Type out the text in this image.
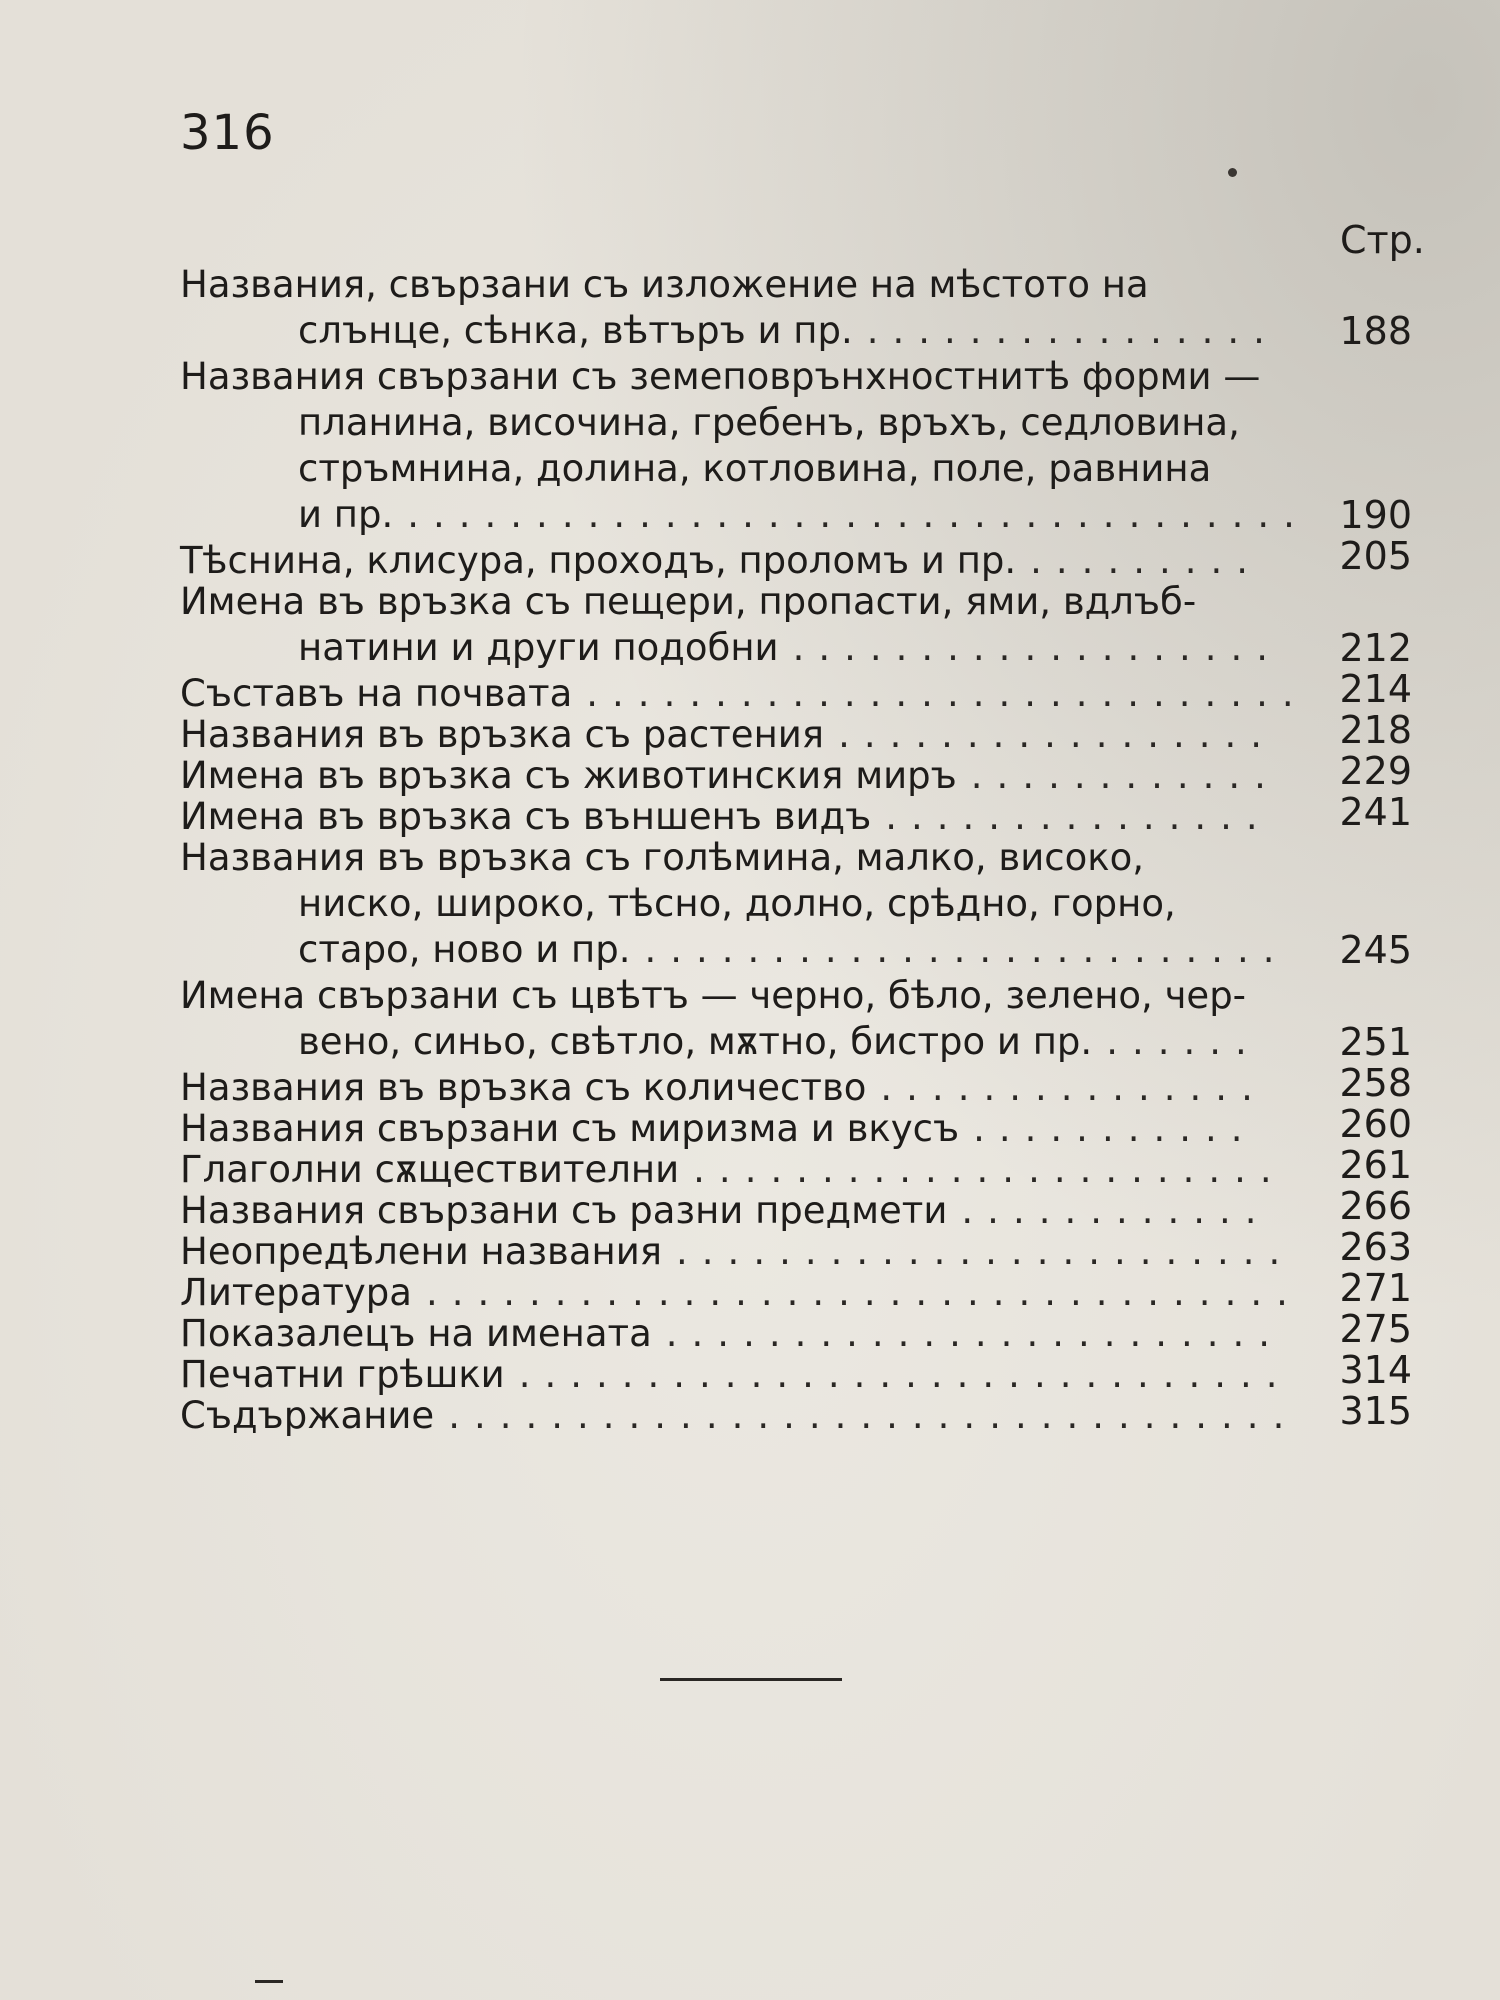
316
Стр.
Названия, свързани съ изложение на мѣстото на
слънце, сѣнка, вѣтъръ и пр. ................	188
Названия свързани съ земеповрънхностнитѣ форми —
планина, височина, гребенъ, връхъ, седловина,
стръмнина, долина, котловина, поле, равнина
и пр. ................................... 190
Тѣснина, клисура, проходъ, проломъ и пр. .........	205
Имена въ връзка съ пещери, пропасти, ями, вдлъб-
натини и други подобни ...................	212
Съставъ на почвата ............................ 214
Названия въ връзка съ растения .................	218
Имена въ връзка съ животинския миръ ............	229
Имена въ връзка съ външенъ видъ ...............	241
Названия въ връзка съ голѣмина, малко, високо,
ниско, широко, тѣсно, долно, срѣдно, горно,
старо, ново и пр. .........................	245
Имена свързани съ цвѣтъ — черно, бѣло, зелено, чер-
вено, синьо, свѣтло, мѫтно, бистро и пр. ......	251
Названия въ връзка съ количество ...............	258
Названия свързани съ миризма и вкусъ ...........	260
Глаголни сѫществителни .......................	261
Названия свързани съ разни предмети ............	266
Неопредѣлени названия ........................	263
Литература .................................. 271
Показалецъ на имената ........................	275
Печатни грѣшки ..............................	314
Съдържание .................................	315
